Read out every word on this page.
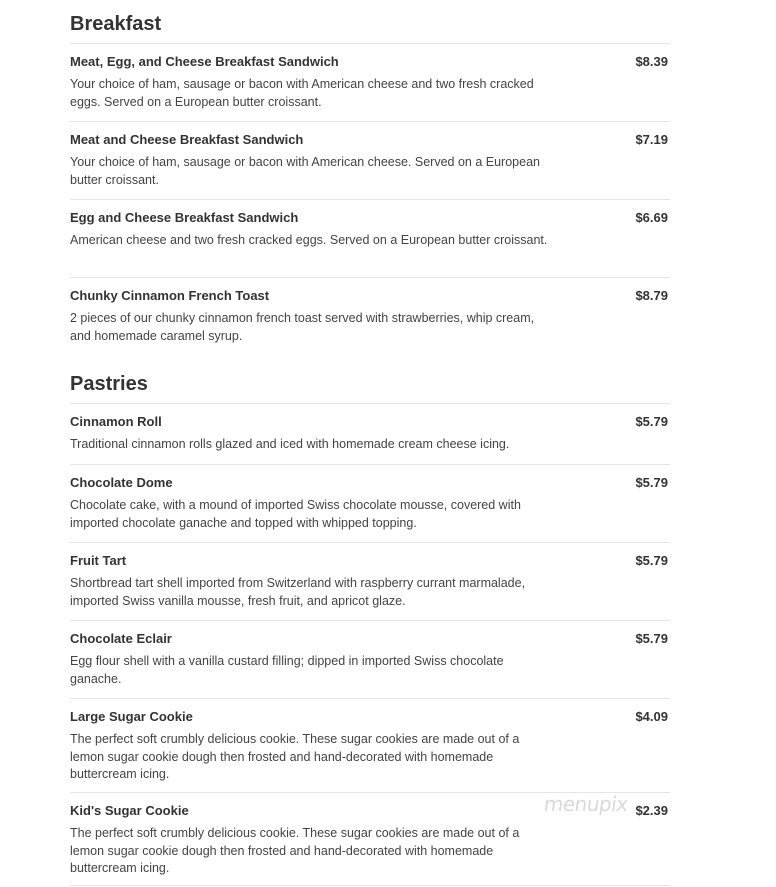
Breakfast
Meat, Egg, and Cheese Breakfast Sandwich	$8.39
Your choice of ham, sausage or bacon with American cheese and two fresh cracked eggs. Served on a European butter croissant.
Meat and Cheese Breakfast Sandwich	$7.19
Your choice of ham, sausage or bacon with American cheese. Served on a European butter croissant.
Egg and Cheese Breakfast Sandwich	$6.69
American cheese and two fresh cracked eggs. Served on a European butter croissant.
Chunky Cinnamon French Toast	$8.79
2 pieces of our chunky cinnamon french toast served with strawberries, whip cream, and homemade caramel syrup.
Pastries
Cinnamon Roll	$5.79
Traditional cinnamon rolls glazed and iced with homemade cream cheese icing.
Chocolate Dome	$5.79
Chocolate cake, with a mound of imported Swiss chocolate mousse, covered with imported chocolate ganache and topped with whipped topping.
Fruit Tart	$5.79
Shortbread tart shell imported from Switzerland with raspberry currant marmalade, imported Swiss vanilla mousse, fresh fruit, and apricot glaze.
Chocolate Eclair	$5.79
Egg flour shell with a vanilla custard filling; dipped in imported Swiss chocolate ganache.
Large Sugar Cookie	$4.09
The perfect soft crumbly delicious cookie. These sugar cookies are made out of a lemon sugar cookie dough then frosted and hand-decorated with homemade buttercream icing.
Kid's Sugar Cookie	$2.39
The perfect soft crumbly delicious cookie. These sugar cookies are made out of a lemon sugar cookie dough then frosted and hand-decorated with homemade buttercream icing.
menupix
